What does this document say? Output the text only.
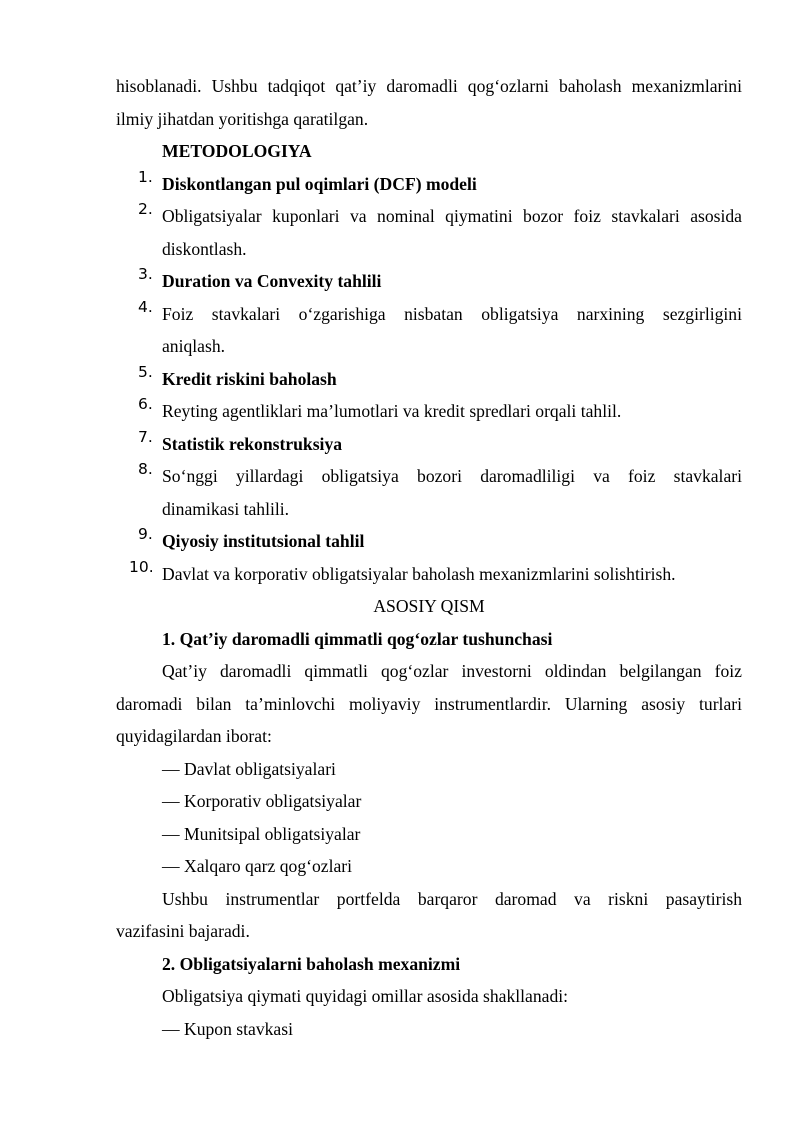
hisoblanadi. Ushbu tadqiqot qat’iy daromadli qog‘ozlarni baholash mexanizmlarini
ilmiy jihatdan yoritishga qaratilgan.
METODOLOGIYA
1. Diskontlangan pul oqimlari (DCF) modeli
2. Obligatsiyalar kuponlari va nominal qiymatini bozor foiz stavkalari asosida
diskontlash.
3. Duration va Convexity tahlili
4. Foiz stavkalari o‘zgarishiga nisbatan obligatsiya narxining sezgirligini
aniqlash.
5. Kredit riskini baholash
6. Reyting agentliklari ma’lumotlari va kredit spredlari orqali tahlil.
7. Statistik rekonstruksiya
8. So‘nggi yillardagi obligatsiya bozori daromadliligi va foiz stavkalari
dinamikasi tahlili.
9. Qiyosiy institutsional tahlil
10. Davlat va korporativ obligatsiyalar baholash mexanizmlarini solishtirish.
ASOSIY QISM
1. Qat’iy daromadli qimmatli qog‘ozlar tushunchasi
Qat’iy daromadli qimmatli qog‘ozlar investorni oldindan belgilangan foiz
daromadi bilan ta’minlovchi moliyaviy instrumentlardir. Ularning asosiy turlari
quyidagilardan iborat:
— Davlat obligatsiyalari
— Korporativ obligatsiyalar
— Munitsipal obligatsiyalar
— Xalqaro qarz qog‘ozlari
Ushbu instrumentlar portfelda barqaror daromad va riskni pasaytirish
vazifasini bajaradi.
2. Obligatsiyalarni baholash mexanizmi
Obligatsiya qiymati quyidagi omillar asosida shakllanadi:
— Kupon stavkasi
